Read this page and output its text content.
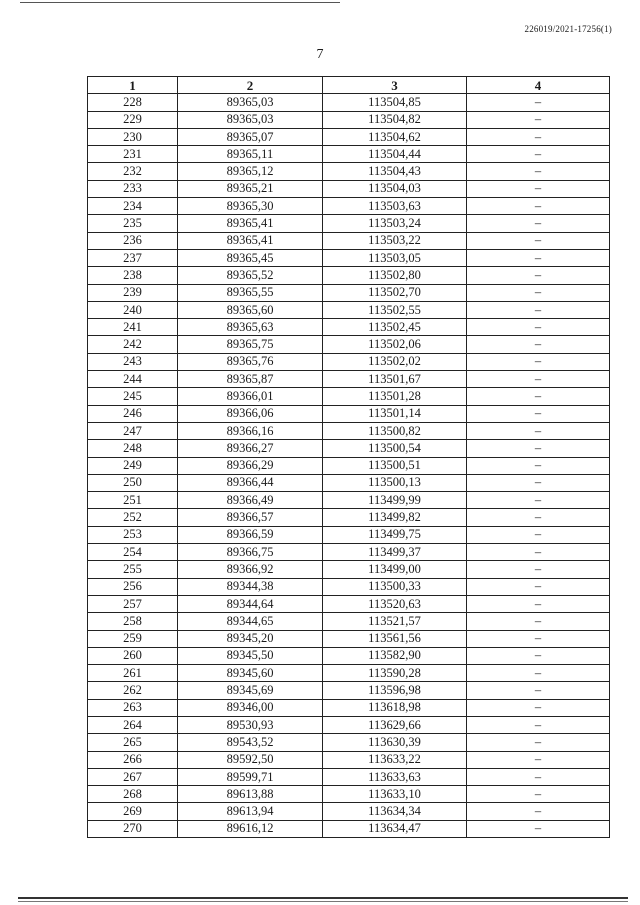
226019/2021-17256(1)
7
1	2	3	4
228	89365,03	113504,85	–
229	89365,03	113504,82	–
230	89365,07	113504,62	–
231	89365,11	113504,44	–
232	89365,12	113504,43	–
233	89365,21	113504,03	–
234	89365,30	113503,63	–
235	89365,41	113503,24	–
236	89365,41	113503,22	–
237	89365,45	113503,05	–
238	89365,52	113502,80	–
239	89365,55	113502,70	–
240	89365,60	113502,55	–
241	89365,63	113502,45	–
242	89365,75	113502,06	–
243	89365,76	113502,02	–
244	89365,87	113501,67	–
245	89366,01	113501,28	–
246	89366,06	113501,14	–
247	89366,16	113500,82	–
248	89366,27	113500,54	–
249	89366,29	113500,51	–
250	89366,44	113500,13	–
251	89366,49	113499,99	–
252	89366,57	113499,82	–
253	89366,59	113499,75	–
254	89366,75	113499,37	–
255	89366,92	113499,00	–
256	89344,38	113500,33	–
257	89344,64	113520,63	–
258	89344,65	113521,57	–
259	89345,20	113561,56	–
260	89345,50	113582,90	–
261	89345,60	113590,28	–
262	89345,69	113596,98	–
263	89346,00	113618,98	–
264	89530,93	113629,66	–
265	89543,52	113630,39	–
266	89592,50	113633,22	–
267	89599,71	113633,63	–
268	89613,88	113633,10	–
269	89613,94	113634,34	–
270	89616,12	113634,47	–
